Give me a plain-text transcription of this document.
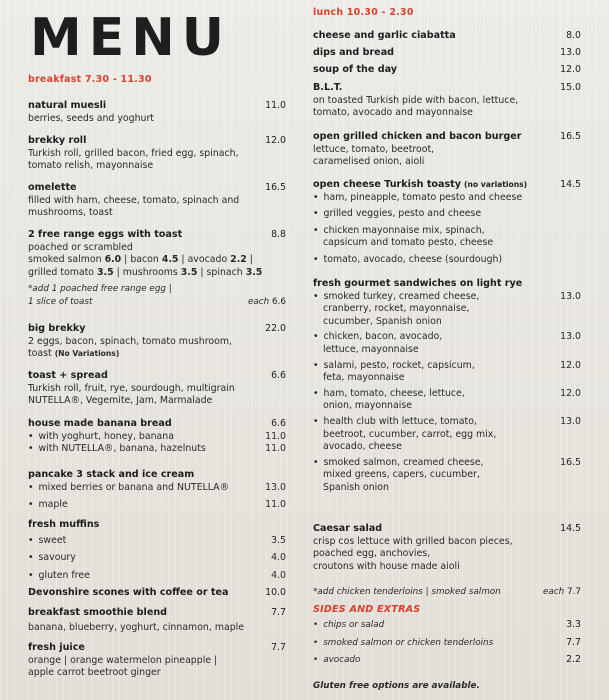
MENU
breakfast 7.30 - 11.30
natural muesli	11.0
berries, seeds and yoghurt
brekky roll	12.0
Turkish roll, grilled bacon, fried egg, spinach,
tomato relish, mayonnaise
omelette	16.5
filled with ham, cheese, tomato, spinach and
mushrooms, toast
2 free range eggs with toast	8.8
poached or scrambled
smoked salmon 6.0 | bacon 4.5 | avocado 2.2 |
grilled tomato 3.5 | mushrooms 3.5 | spinach 3.5
*add 1 poached free range egg |
1 slice of toast	each 6.6
big brekky	22.0
2 eggs, bacon, spinach, tomato mushroom,
toast (No Variations)
toast + spread	6.6
Turkish roll, fruit, rye, sourdough, multigrain
NUTELLA®, Vegemite, Jam, Marmalade
house made banana bread	6.6
• with yoghurt, honey, banana	11.0
• with NUTELLA®, banana, hazelnuts	11.0
pancake 3 stack and ice cream
• mixed berries or banana and NUTELLA®	13.0
• maple	11.0
fresh muffins
• sweet	3.5
• savoury	4.0
• gluten free	4.0
Devonshire scones with coffee or tea	10.0
breakfast smoothie blend	7.7
banana, blueberry, yoghurt, cinnamon, maple
fresh juice	7.7
orange | orange watermelon pineapple |
apple carrot beetroot ginger
lunch 10.30 - 2.30
cheese and garlic ciabatta	8.0
dips and bread	13.0
soup of the day	12.0
B.L.T.	15.0
on toasted Turkish pide with bacon, lettuce,
tomato, avocado and mayonnaise
open grilled chicken and bacon burger	16.5
lettuce, tomato, beetroot,
caramelised onion, aioli
open cheese Turkish toasty (no variations)	14.5
• ham, pineapple, tomato pesto and cheese
• grilled veggies, pesto and cheese
• chicken mayonnaise mix, spinach,
capsicum and tomato pesto, cheese
• tomato, avocado, cheese (sourdough)
fresh gourmet sandwiches on light rye
• smoked turkey, creamed cheese,	13.0
cranberry, rocket, mayonnaise,
cucumber, Spanish onion
• chicken, bacon, avocado,	13.0
lettuce, mayonnaise
• salami, pesto, rocket, capsicum,	12.0
feta, mayonnaise
• ham, tomato, cheese, lettuce,	12.0
onion, mayonnaise
• health club with lettuce, tomato,	13.0
beetroot, cucumber, carrot, egg mix,
avocado, cheese
• smoked salmon, creamed cheese,	16.5
mixed greens, capers, cucumber,
Spanish onion
Caesar salad	14.5
crisp cos lettuce with grilled bacon pieces,
poached egg, anchovies,
croutons with house made aioli
*add chicken tenderloins | smoked salmon	each 7.7
SIDES AND EXTRAS
• chips or salad	3.3
• smoked salmon or chicken tenderloins	7.7
• avocado	2.2
Gluten free options are available.
